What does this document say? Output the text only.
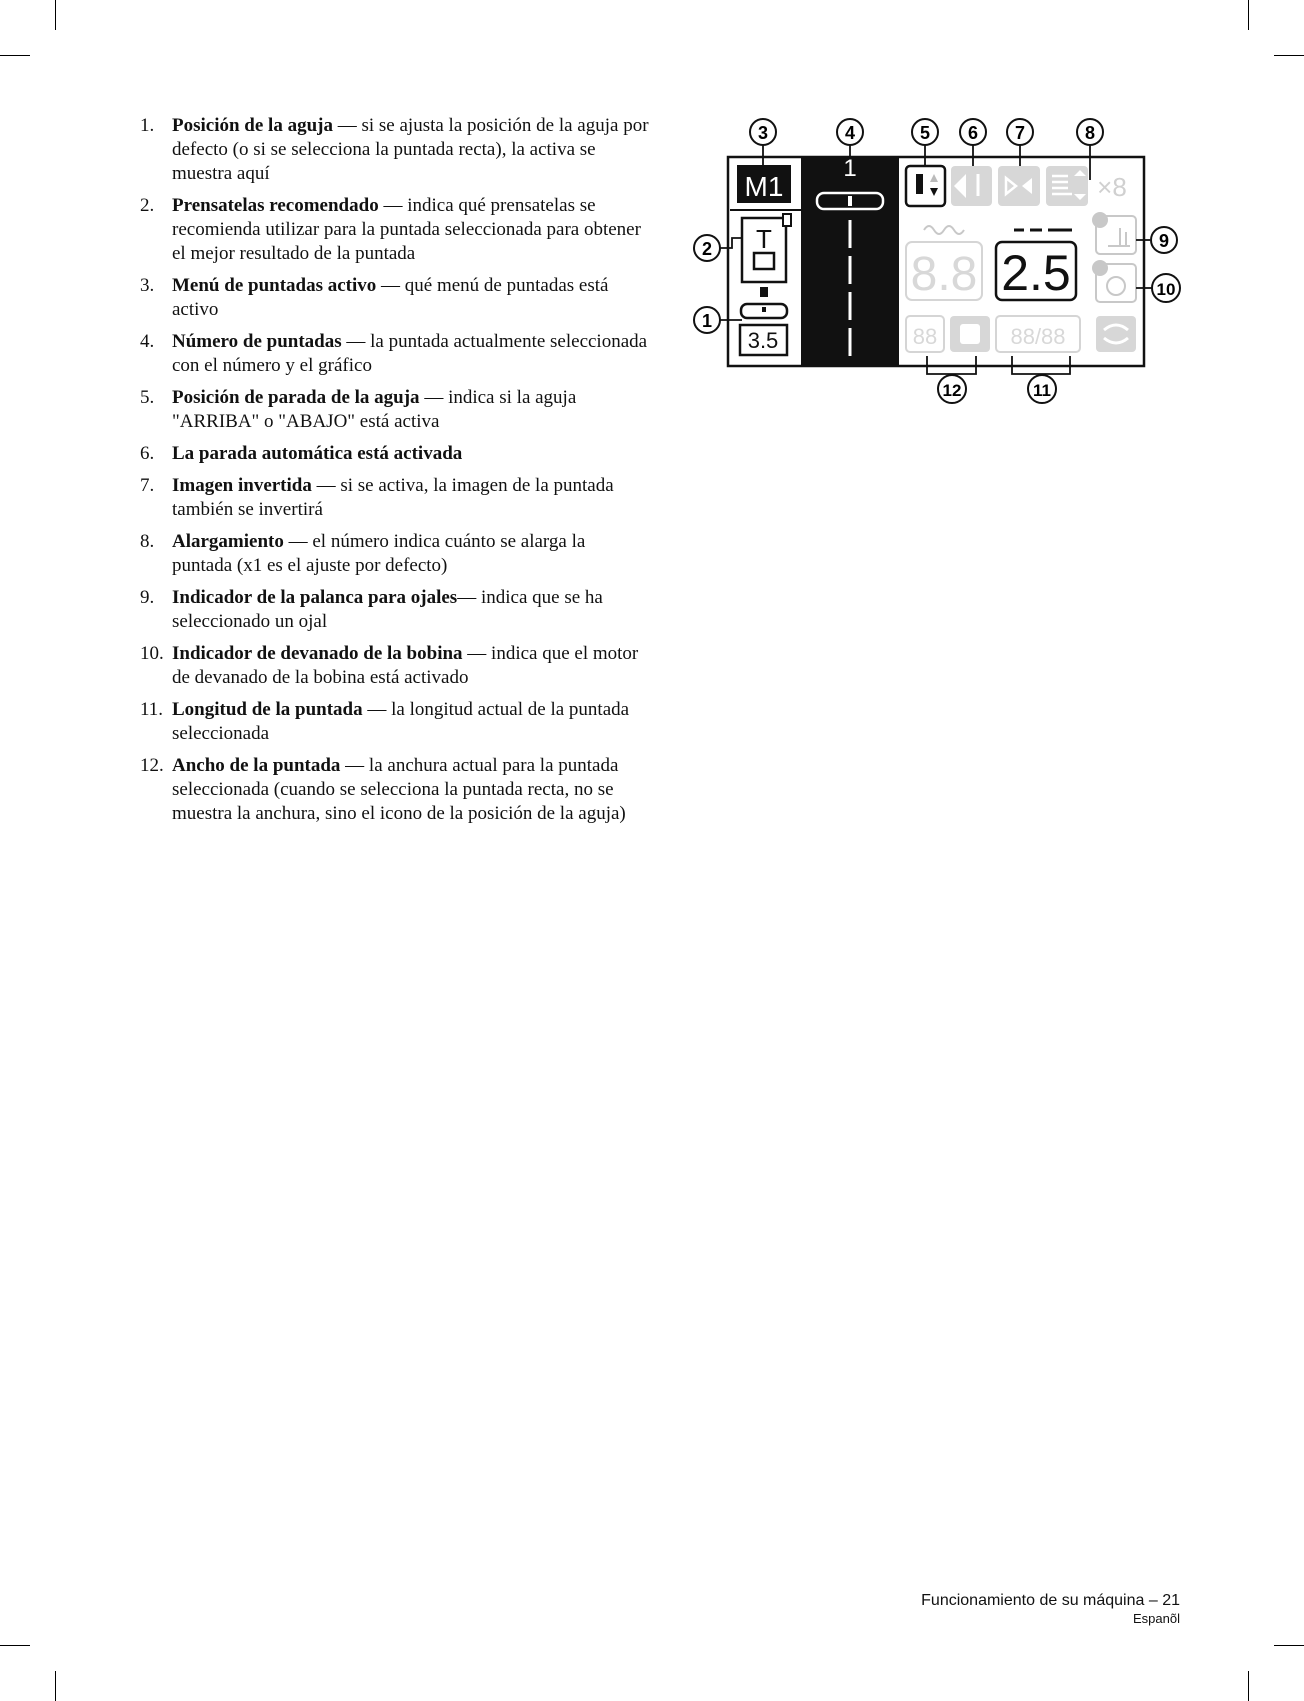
1. Posición de la aguja — si se ajusta la posición de la aguja por defecto (o si se selecciona la puntada recta), la activa se muestra aquí
2. Prensatelas recomendado — indica qué prensatelas se recomienda utilizar para la puntada seleccionada para obtener el mejor resultado de la puntada
3. Menú de puntadas activo — qué menú de puntadas está activo
4. Número de puntadas — la puntada actualmente seleccionada con el número y el gráfico
5. Posición de parada de la aguja — indica si la aguja "ARRIBA" o "ABAJO" está activa
6. La parada automática está activada
7. Imagen invertida — si se activa, la imagen de la puntada también se invertirá
8. Alargamiento — el número indica cuánto se alarga la puntada (x1 es el ajuste por defecto)
9. Indicador de la palanca para ojales— indica que se ha seleccionado un ojal
10. Indicador de devanado de la bobina — indica que el motor de devanado de la bobina está activado
11. Longitud de la puntada — la longitud actual de la puntada seleccionada
12. Ancho de la puntada — la anchura actual para la puntada seleccionada (cuando se selecciona la puntada recta, no se muestra la anchura, sino el icono de la posición de la aguja)
1
M1
T
3.5
×8
8.8 2.5
88	88/88
3	4	5 6 7	8
2
1
9
10
12	11
Funcionamiento de su máquina – 21
Espanõl
